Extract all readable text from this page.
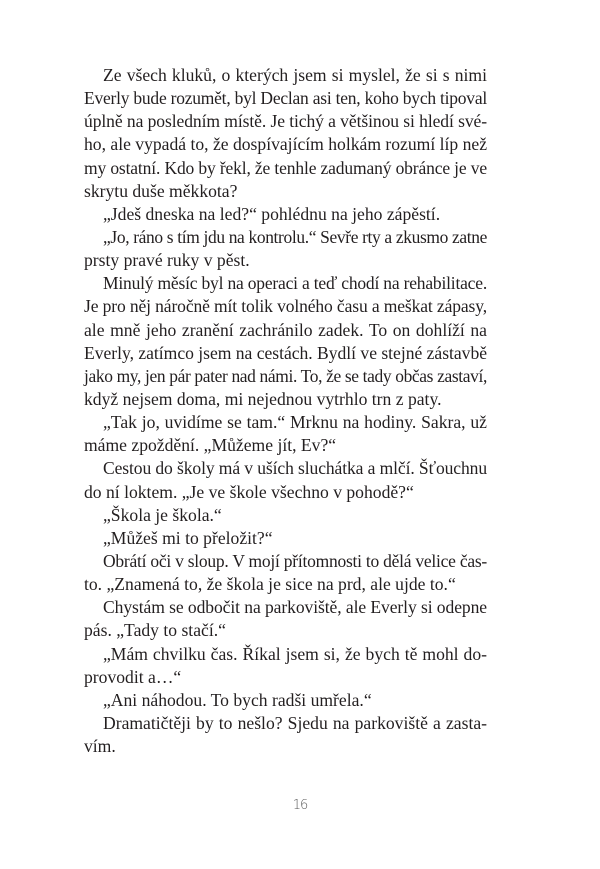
Ze všech kluků, o kterých jsem si myslel, že si s nimi
Everly bude rozumět, byl Declan asi ten, koho bych tipoval
úplně na posledním místě. Je tichý a většinou si hledí své-
ho, ale vypadá to, že dospívajícím holkám rozumí líp než
my ostatní. Kdo by řekl, že tenhle zadumaný obránce je ve
skrytu duše měkkota?
„Jdeš dneska na led?“ pohlédnu na jeho zápěstí.
„Jo, ráno s tím jdu na kontrolu.“ Sevře rty a zkusmo zatne
prsty pravé ruky v pěst.
Minulý měsíc byl na operaci a teď chodí na rehabilitace.
Je pro něj náročně mít tolik volného času a meškat zápasy,
ale mně jeho zranění zachránilo zadek. To on dohlíží na
Everly, zatímco jsem na cestách. Bydlí ve stejné zástavbě
jako my, jen pár pater nad námi. To, že se tady občas zastaví,
když nejsem doma, mi nejednou vytrhlo trn z paty.
„Tak jo, uvidíme se tam.“ Mrknu na hodiny. Sakra, už
máme zpoždění. „Můžeme jít, Ev?“
Cestou do školy má v uších sluchátka a mlčí. Šťouchnu
do ní loktem. „Je ve škole všechno v pohodě?“
„Škola je škola.“
„Můžeš mi to přeložit?“
Obrátí oči v sloup. V mojí přítomnosti to dělá velice čas-
to. „Znamená to, že škola je sice na prd, ale ujde to.“
Chystám se odbočit na parkoviště, ale Everly si odepne
pás. „Tady to stačí.“
„Mám chvilku čas. Říkal jsem si, že bych tě mohl do-
provodit a…“
„Ani náhodou. To bych radši umřela.“
Dramatičtěji by to nešlo? Sjedu na parkoviště a zasta-
vím.
16
